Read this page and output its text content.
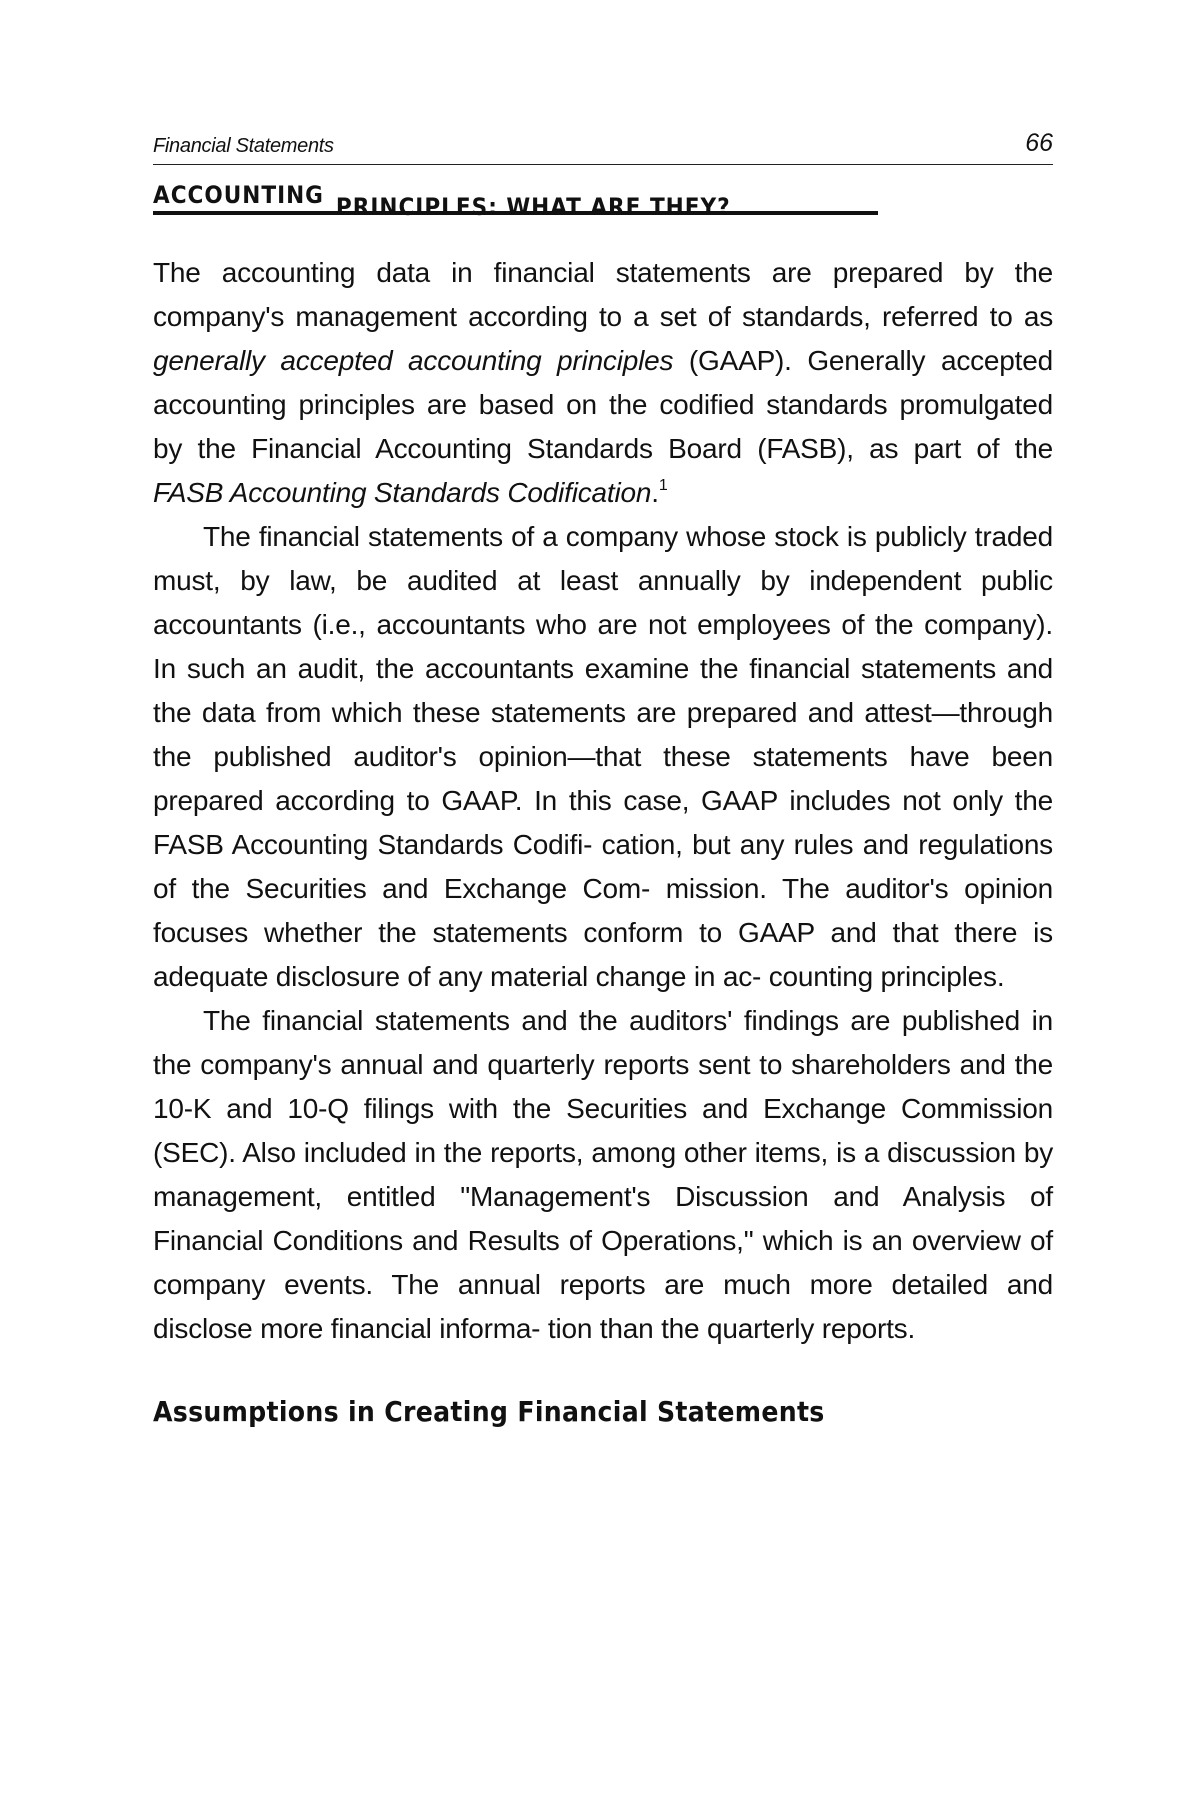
Financial Statements	66
ACCOUNTING PRINCIPLES: WHAT ARE THEY?

The accounting data in financial statements are prepared by the company's management according to a set of standards, referred to as generally accepted accounting principles (GAAP). Generally accepted accounting principles are based on the codified standards promulgated by the Financial Accounting Standards Board (FASB), as part of the FASB Accounting Standards Codification.$^1$

The financial statements of a company whose stock is publicly traded must, by law, be audited at least annually by independent public accountants (i.e., accountants who are not employees of the company). In such an audit, the accountants examine the financial statements and the data from which these statements are prepared and attest—through the published auditor's opinion—that these statements have been prepared according to GAAP. In this case, GAAP includes not only the FASB Accounting Standards Codifi- cation, but any rules and regulations of the Securities and Exchange Com- mission. The auditor's opinion focuses whether the statements conform to GAAP and that there is adequate disclosure of any material change in ac- counting principles.

The financial statements and the auditors' findings are published in the company's annual and quarterly reports sent to shareholders and the 10-K and 10-Q filings with the Securities and Exchange Commission (SEC). Also included in the reports, among other items, is a discussion by management, entitled "Management's Discussion and Analysis of Financial Conditions and Results of Operations," which is an overview of company events. The annual reports are much more detailed and disclose more financial informa- tion than the quarterly reports.

Assumptions in Creating Financial Statements
